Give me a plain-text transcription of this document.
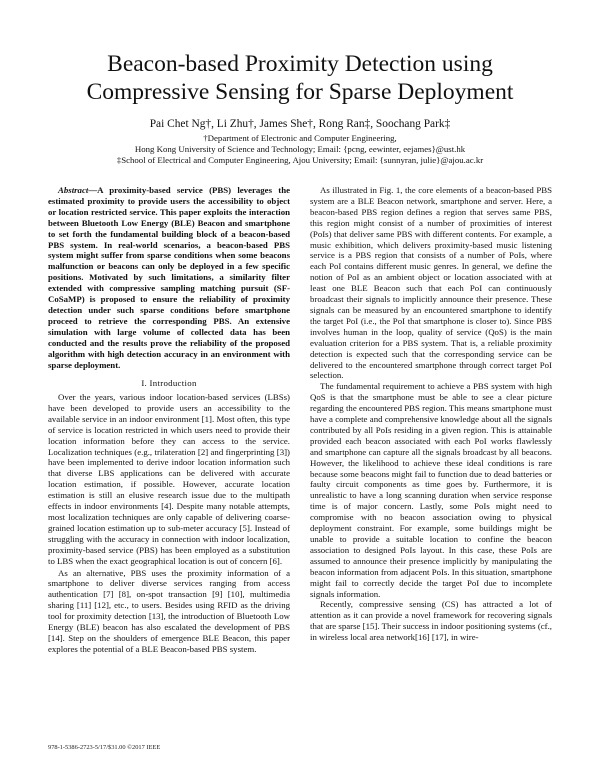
Beacon-based Proximity Detection using
Compressive Sensing for Sparse Deployment
Pai Chet Ng†, Li Zhu†, James She†, Rong Ran‡, Soochang Park‡
†Department of Electronic and Computer Engineering,
Hong Kong University of Science and Technology; Email: {pcng, eewinter, eejames}@ust.hk
‡School of Electrical and Computer Engineering, Ajou University; Email: {sunnyran, julie}@ajou.ac.kr

Abstract—A proximity-based service (PBS) leverages the estimated proximity to provide users the accessibility to object or location restricted service. This paper exploits the interaction between Bluetooth Low Energy (BLE) Beacon and smartphone to set forth the fundamental building block of a beacon-based PBS system. In real-world scenarios, a beacon-based PBS system might suffer from sparse conditions when some beacons malfunction or beacons can only be deployed in a few specific positions. Motivated by such limitations, a similarity filter extended with compressive sampling matching pursuit (SF-CoSaMP) is proposed to ensure the reliability of proximity detection under such sparse conditions before smartphone proceed to retrieve the corresponding PBS. An extensive simulation with large volume of collected data has been conducted and the results prove the reliability of the proposed algorithm with high detection accuracy in an environment with sparse deployment.

I. Introduction

Over the years, various indoor location-based services (LBSs) have been developed to provide users an accessibility to the available service in an indoor environment [1]. Most often, this type of service is location restricted in which users need to provide their location information before they can access to the service. Localization techniques (e.g., trilateration [2] and fingerprinting [3]) have been implemented to derive indoor location information such that diverse LBS applications can be delivered with accurate location estimation, if possible. However, accurate location estimation is still an elusive research issue due to the multipath effects in indoor environments [4]. Despite many notable attempts, most localization techniques are only capable of delivering coarse-grained location estimation up to sub-meter accuracy [5]. Instead of struggling with the accuracy in connection with indoor localization, proximity-based service (PBS) has been employed as a substitution to LBS when the exact geographical location is out of concern [6].

As an alternative, PBS uses the proximity information of a smartphone to deliver diverse services ranging from access authentication [7] [8], on-spot transaction [9] [10], multimedia sharing [11] [12], etc., to users. Besides using RFID as the driving tool for proximity detection [13], the introduction of Bluetooth Low Energy (BLE) beacon has also escalated the development of PBS [14]. Step on the shoulders of emergence BLE Beacon, this paper explores the potential of a BLE Beacon-based PBS system.

As illustrated in Fig. 1, the core elements of a beacon-based PBS system are a BLE Beacon network, smartphone and server. Here, a beacon-based PBS region defines a region that serves same PBS, this region might consist of a number of proximities of interest (PoIs) that deliver same PBS with different contents. For example, a music exhibition, which delivers proximity-based music listening service is a PBS region that consists of a number of PoIs, where each PoI contains different music genres. In general, we define the notion of PoI as an ambient object or location associated with at least one BLE Beacon such that each PoI can continuously broadcast their signals to implicitly announce their presence. These signals can be measured by an encountered smartphone to identify the target PoI (i.e., the PoI that smartphone is closer to). Since PBS involves human in the loop, quality of service (QoS) is the main evaluation criterion for a PBS system. That is, a reliable proximity detection is expected such that the corresponding service can be delivered to the encountered smartphone through correct target PoI selection.

The fundamental requirement to achieve a PBS system with high QoS is that the smartphone must be able to see a clear picture regarding the encountered PBS region. This means smartphone must have a complete and comprehensive knowledge about all the signals contributed by all PoIs residing in a given region. This is attainable provided each beacon associated with each PoI works flawlessly and smartphone can capture all the signals broadcast by all beacons. However, the likelihood to achieve these ideal conditions is rare because some beacons might fail to function due to dead batteries or faulty circuit components as time goes by. Furthermore, it is unrealistic to have a long scanning duration when service response time is of major concern. Lastly, some PoIs might need to compromise with no beacon association owing to physical deployment constraint. For example, some buildings might be unable to provide a suitable location to confine the beacon association to designed PoIs layout. In this case, these PoIs are assumed to announce their presence implicitly by manipulating the beacon information from adjacent PoIs. In this situation, smartphone might fail to correctly decide the target PoI due to incomplete signals information.

Recently, compressive sensing (CS) has attracted a lot of attention as it can provide a novel framework for recovering signals that are sparse [15]. Their success in indoor positioning systems (cf., in wireless local area network[16] [17], in wire-

978-1-5386-2723-5/17/$31.00 ©2017 IEEE
